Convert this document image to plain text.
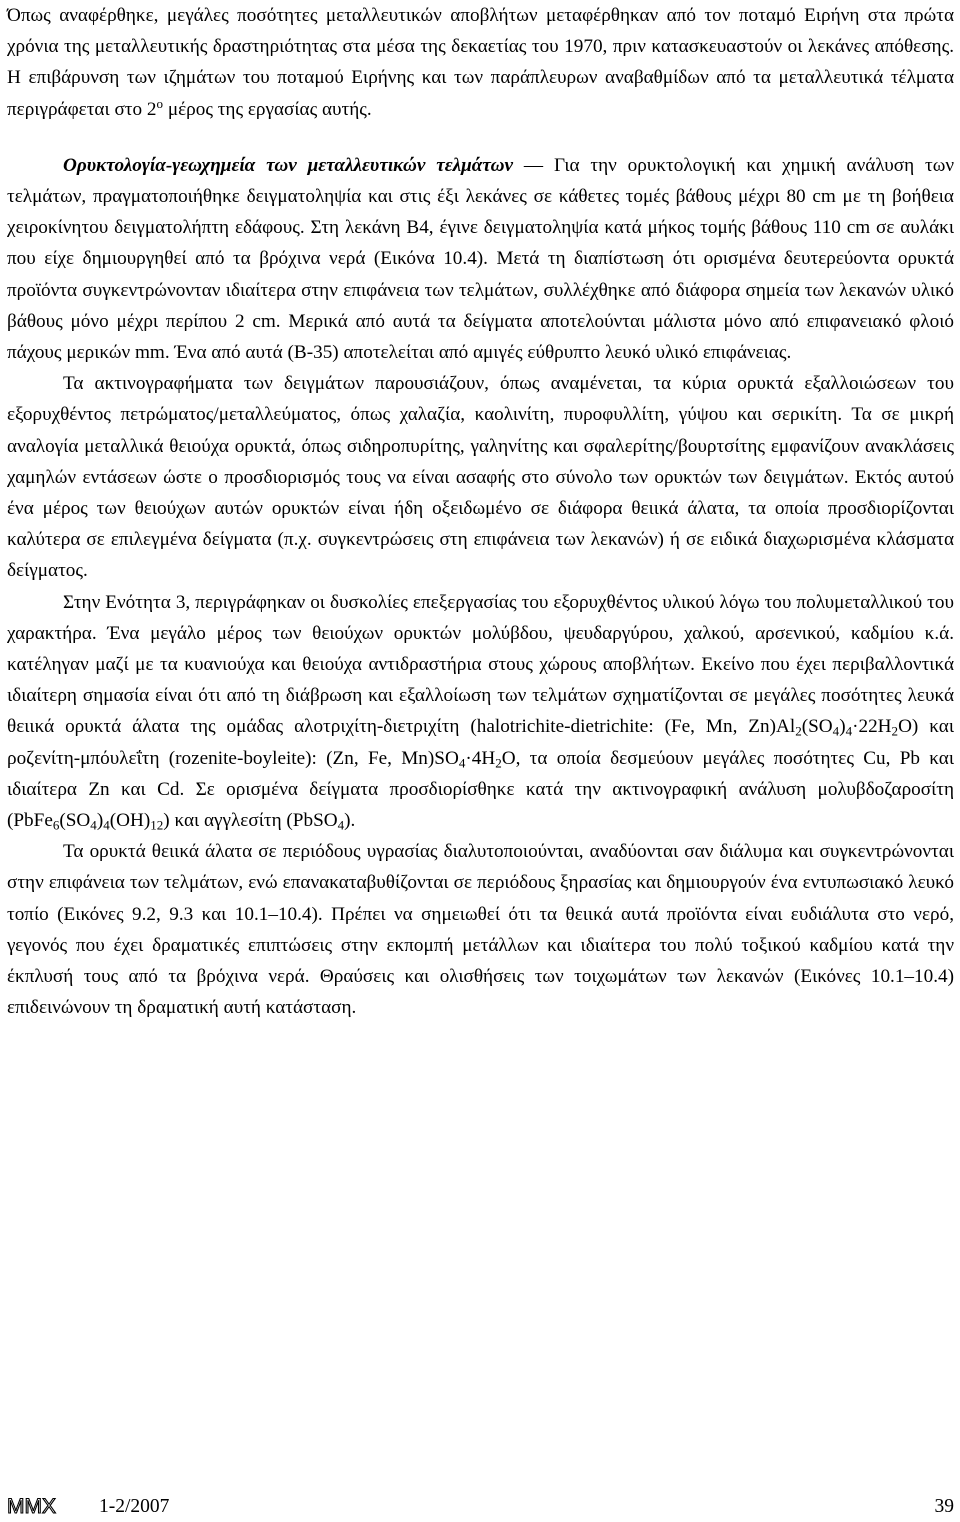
Όπως αναφέρθηκε, μεγάλες ποσότητες μεταλλευτικών αποβλήτων μεταφέρθηκαν από τον ποταμό Ειρήνη στα πρώτα χρόνια της μεταλλευτικής δραστηριότητας στα μέσα της δεκαετίας του 1970, πριν κατασκευαστούν οι λεκάνες απόθεσης. Η επιβάρυνση των ιζημάτων του ποταμού Ειρήνης και των παράπλευρων αναβαθμίδων από τα μεταλλευτικά τέλματα περιγράφεται στο $2^o$ μέρος της εργασίας αυτής.

Ορυκτολογία-γεωχημεία των μεταλλευτικών τελμάτων — Για την ορυκτολογική και χημική ανάλυση των τελμάτων, πραγματοποιήθηκε δειγματοληψία και στις έξι λεκάνες σε κάθετες τομές βάθους μέχρι 80 cm με τη βοήθεια χειροκίνητου δειγματολήπτη εδάφους. Στη λεκάνη Β4, έγινε δειγματοληψία κατά μήκος τομής βάθους 110 cm σε αυλάκι που είχε δημιουργηθεί από τα βρόχινα νερά (Εικόνα 10.4). Μετά τη διαπίστωση ότι ορισμένα δευτερεύοντα ορυκτά προϊόντα συγκεντρώνονταν ιδιαίτερα στην επιφάνεια των τελμάτων, συλλέχθηκε από διάφορα σημεία των λεκανών υλικό βάθους μόνο μέχρι περίπου 2 cm. Μερικά από αυτά τα δείγματα αποτελούνται μάλιστα μόνο από επιφανειακό φλοιό πάχους μερικών mm. Ένα από αυτά (Β-35) αποτελείται από αμιγές εύθρυπτο λευκό υλικό επιφάνειας.

Τα ακτινογραφήματα των δειγμάτων παρουσιάζουν, όπως αναμένεται, τα κύρια ορυκτά εξαλλοιώσεων του εξορυχθέντος πετρώματος/μεταλλεύματος, όπως χαλαζία, καολινίτη, πυροφυλλίτη, γύψου και σερικίτη. Τα σε μικρή αναλογία μεταλλικά θειούχα ορυκτά, όπως σιδηροπυρίτης, γαληνίτης και σφαλερίτης/βουρτσίτης εμφανίζουν ανακλάσεις χαμηλών εντάσεων ώστε ο προσδιορισμός τους να είναι ασαφής στο σύνολο των ορυκτών των δειγμάτων. Εκτός αυτού ένα μέρος των θειούχων αυτών ορυκτών είναι ήδη οξειδωμένο σε διάφορα θειικά άλατα, τα οποία προσδιορίζονται καλύτερα σε επιλεγμένα δείγματα (π.χ. συγκεντρώσεις στη επιφάνεια των λεκανών) ή σε ειδικά διαχωρισμένα κλάσματα δείγματος.

Στην Ενότητα 3, περιγράφηκαν οι δυσκολίες επεξεργασίας του εξορυχθέντος υλικού λόγω του πολυμεταλλικού του χαρακτήρα. Ένα μεγάλο μέρος των θειούχων ορυκτών μολύβδου, ψευδαργύρου, χαλκού, αρσενικού, καδμίου κ.ά. κατέληγαν μαζί με τα κυανιούχα και θειούχα αντιδραστήρια στους χώρους αποβλήτων. Εκείνο που έχει περιβαλλοντικά ιδιαίτερη σημασία είναι ότι από τη διάβρωση και εξαλλοίωση των τελμάτων σχηματίζονται σε μεγάλες ποσότητες λευκά θειικά ορυκτά άλατα της ομάδας αλοτριχίτη-διετριχίτη (halotrichite-dietrichite: (Fe, Mn, $Zn)Al_2(SO_4)_4\cdot 22H_2O$) και ροζενίτη-μπόυλεΐτη (rozenite-boyleite): (Zn, Fe, $Mn)SO_4\cdot 4H_2O$, τα οποία δεσμεύουν μεγάλες ποσότητες Cu, Pb και ιδιαίτερα Zn και Cd. Σε ορισμένα δείγματα προσδιορίσθηκε κατά την ακτινογραφική ανάλυση μολυβδοζαροσίτη $(PbFe_6(SO_4)_4(OH)_{12})$ και αγγλεσίτη (PbSO$_4$).

Τα ορυκτά θειικά άλατα σε περιόδους υγρασίας διαλυτοποιούνται, αναδύονται σαν διάλυμα και συγκεντρώνονται στην επιφάνεια των τελμάτων, ενώ επανακαταβυθίζονται σε περιόδους ξηρασίας και δημιουργούν ένα εντυπωσιακό λευκό τοπίο (Εικόνες 9.2, 9.3 και 10.1–10.4). Πρέπει να σημειωθεί ότι τα θειικά αυτά προϊόντα είναι ευδιάλυτα στο νερό, γεγονός που έχει δραματικές επιπτώσεις στην εκπομπή μετάλλων και ιδιαίτερα του πολύ τοξικού καδμίου κατά την έκπλυσή τους από τα βρόχινα νερά. Θραύσεις και ολισθήσεις των τοιχωμάτων των λεκανών (Εικόνες 10.1–10.4) επιδεινώνουν τη δραματική αυτή κατάσταση.

ΜΜΧ 1-2/2007	39
